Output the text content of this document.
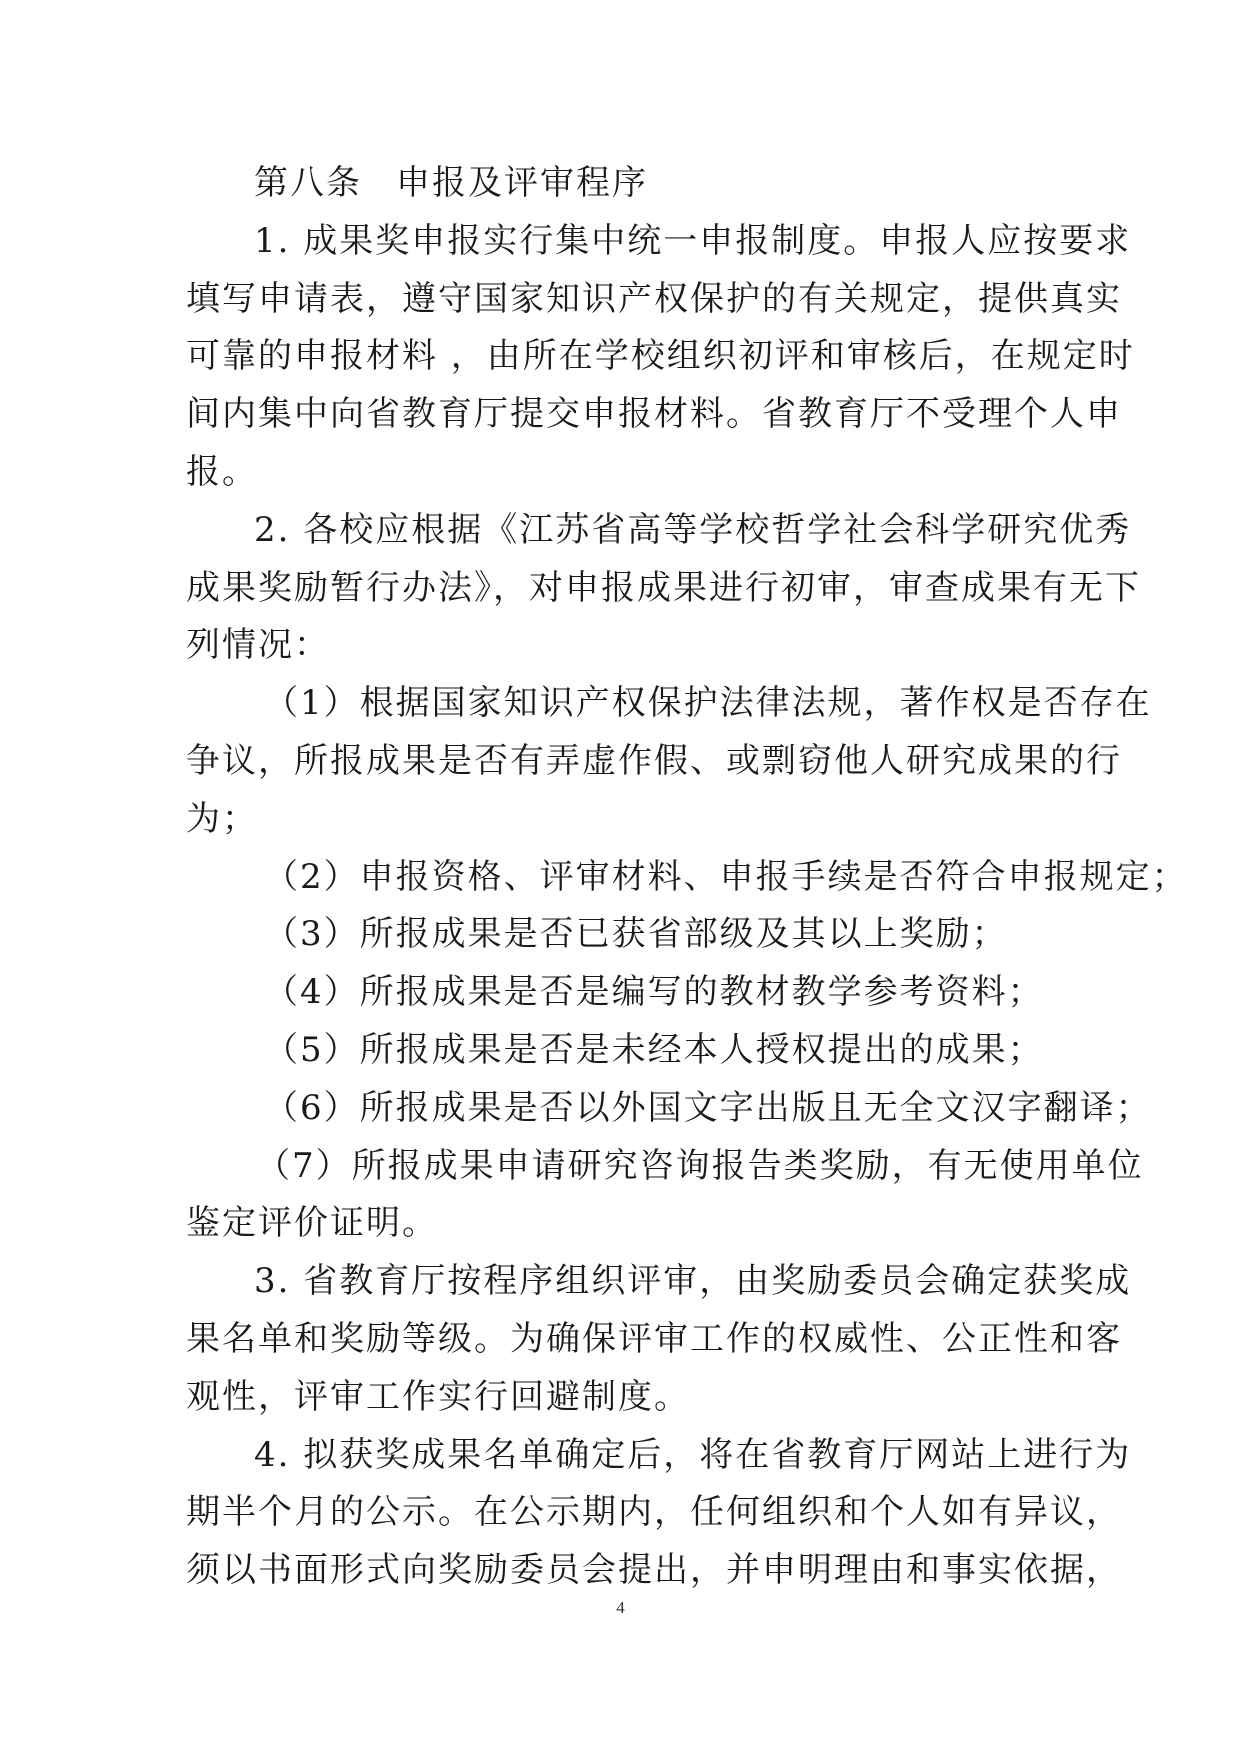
第八条 申报及评审程序
1. 成果奖申报实行集中统一申报制度。申报人应按要求
填写申请表，遵守国家知识产权保护的有关规定，提供真实
可靠的申报材料 ，由所在学校组织初评和审核后，在规定时
间内集中向省教育厅提交申报材料。省教育厅不受理个人申
报。
2. 各校应根据《江苏省高等学校哲学社会科学研究优秀
成果奖励暂行办法》，对申报成果进行初审，审查成果有无下
列情况：
（1）根据国家知识产权保护法律法规，著作权是否存在
争议，所报成果是否有弄虚作假、或剽窃他人研究成果的行
为；
（2）申报资格、评审材料、申报手续是否符合申报规定；
（3）所报成果是否已获省部级及其以上奖励；
（4）所报成果是否是编写的教材教学参考资料；
（5）所报成果是否是未经本人授权提出的成果；
（6）所报成果是否以外国文字出版且无全文汉字翻译；
（7）所报成果申请研究咨询报告类奖励，有无使用单位
鉴定评价证明。
3. 省教育厅按程序组织评审，由奖励委员会确定获奖成
果名单和奖励等级。为确保评审工作的权威性、公正性和客
观性，评审工作实行回避制度。
4. 拟获奖成果名单确定后，将在省教育厅网站上进行为
期半个月的公示。在公示期内，任何组织和个人如有异议，
须以书面形式向奖励委员会提出，并申明理由和事实依据，
4
